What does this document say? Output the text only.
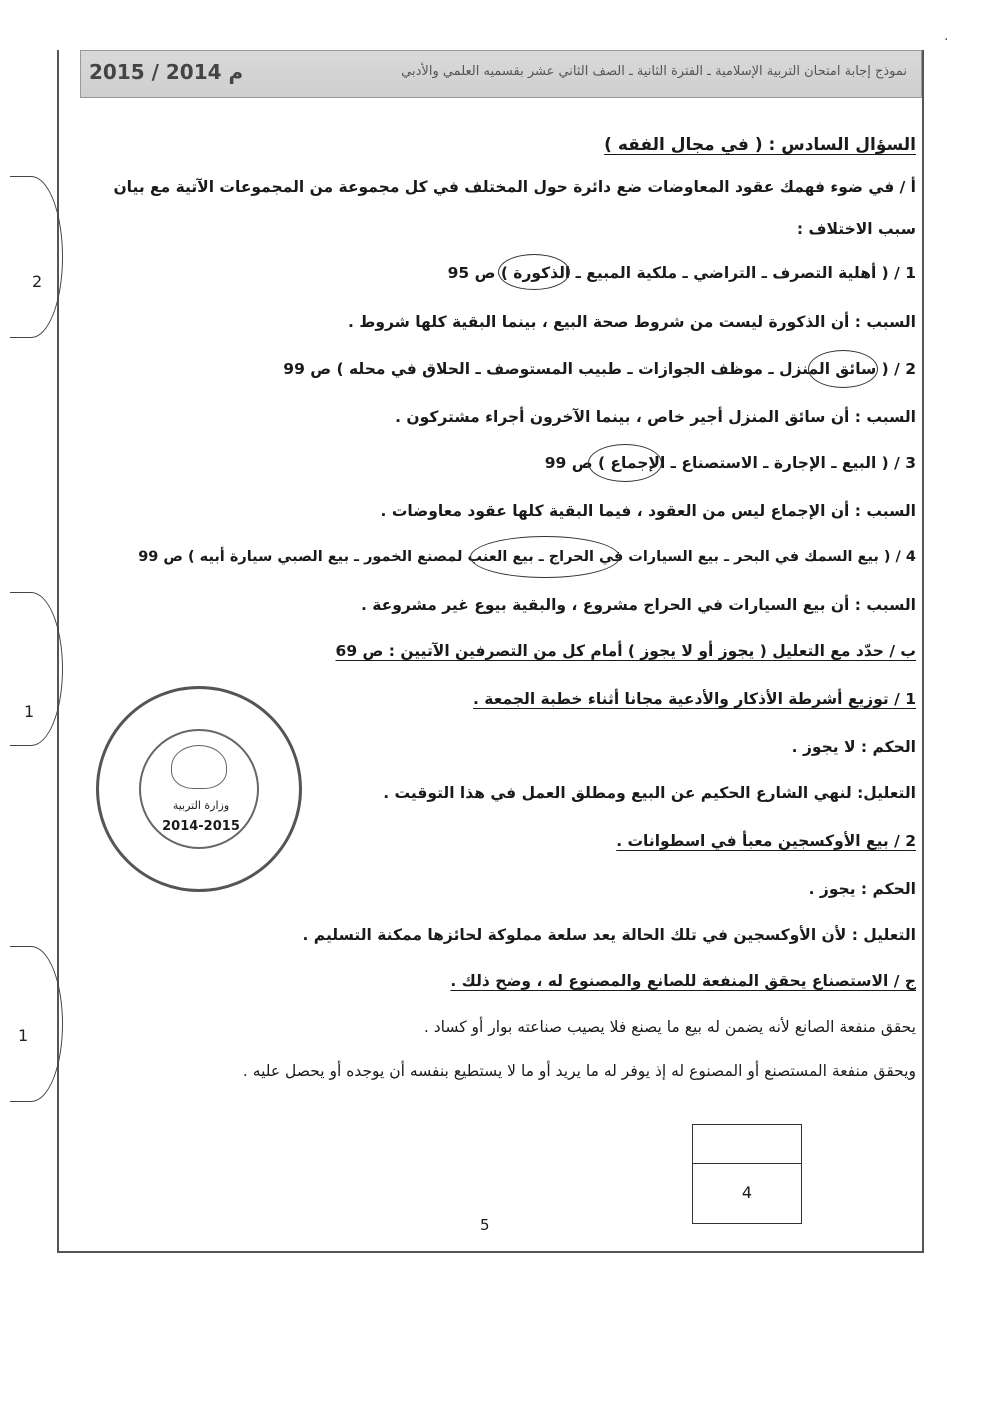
·
2015 / 2014 م	نموذج إجابة امتحان التربية الإسلامية ـ الفترة الثانية ـ الصف الثاني عشر بقسميه العلمي والأدبي
السؤال السادس : ( في مجال الفقه )
أ / في ضوء فهمك عقود المعاوضات ضع دائرة حول المختلف في كل مجموعة من المجموعات الآتية مع بيان
سبب الاختلاف :
1 / ( أهلية التصرف ـ التراضي ـ ملكية المبيع ـ الذكورة ) ص 95
السبب : أن الذكورة ليست من شروط صحة البيع ، بينما البقية كلها شروط .
2 / ( سائق المنزل ـ موظف الجوازات ـ طبيب المستوصف ـ الحلاق في محله ) ص 99
السبب : أن سائق المنزل أجير خاص ، بينما الآخرون أجراء مشتركون .
3 / ( البيع ـ الإجارة ـ الاستصناع ـ الإجماع ) ص 99
السبب : أن الإجماع ليس من العقود ، فيما البقية كلها عقود معاوضات .
4 / ( بيع السمك في البحر ـ بيع السيارات في الحراج ـ بيع العنب لمصنع الخمور ـ بيع الصبي سيارة أبيه ) ص 99
السبب : أن بيع السيارات في الحراج مشروع ، والبقية بيوع غير مشروعة .
ب / حدّد مع التعليل ( يجوز أو لا يجوز ) أمام كل من التصرفين الآتيين : ص 69
1 / توزيع أشرطة الأذكار والأدعية مجانا أثناء خطبة الجمعة .
الحكم : لا يجوز .
التعليل: لنهي الشارع الحكيم عن البيع ومطلق العمل في هذا التوقيت .
2 / بيع الأوكسجين معبأ في اسطوانات .
الحكم : يجوز .
التعليل : لأن الأوكسجين في تلك الحالة يعد سلعة مملوكة لحائزها ممكنة التسليم .
ج / الاستصناع يحقق المنفعة للصانع والمصنوع له ، وضح ذلك .
يحقق منفعة الصانع لأنه يضمن له بيع ما يصنع فلا يصيب صناعته بوار أو كساد .
ويحقق منفعة المستصنع أو المصنوع له إذ يوفر له ما يريد أو ما لا يستطيع بنفسه أن يوجده أو يحصل عليه .
2
1
1
وزارة التربية
2014-2015
4
5
